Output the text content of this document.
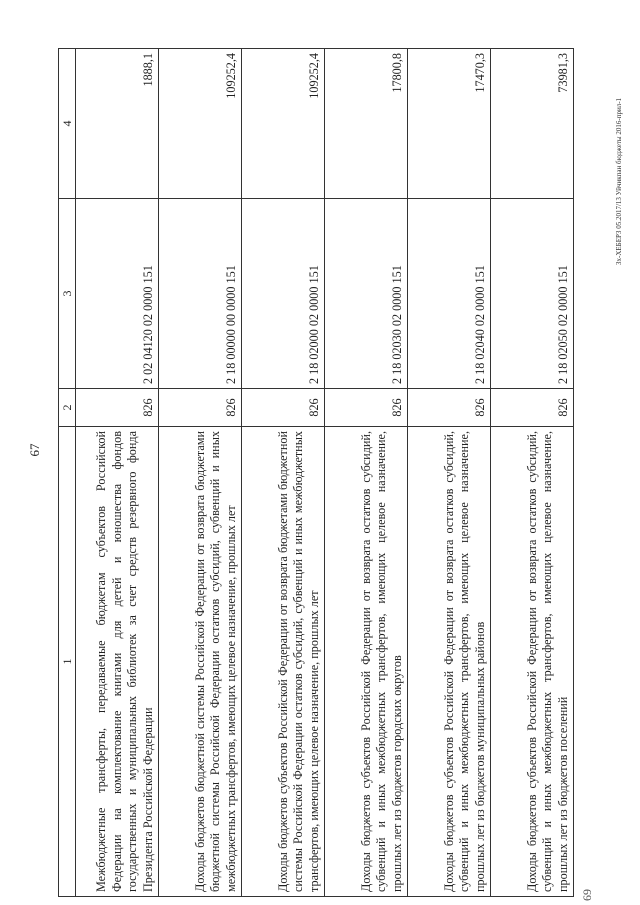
67
69
Зх-ХЕБЕРЗ 05.2017/13 Уйчикпан бюджеты 2016-прил-1
1	2	3	4
Межбюджетные трансферты, передаваемые бюджетам субъектов Российской Федерации на комплектование книгами для детей и юношества фондов государственных и муниципальных библиотек за счет средств резервного фонда Президента Российской Федерации	826	2 02 04120 02 0000 151	1888,1
Доходы бюджетов бюджетной системы Российской Федерации от возврата бюджетами бюджетной системы Российской Федерации остатков субсидий, субвенций и иных межбюджетных трансфертов, имеющих целевое назначение, прошлых лет	826	2 18 00000 00 0000 151	109252,4
Доходы бюджетов субъектов Российской Федерации от возврата бюджетами бюджетной системы Российской Федерации остатков субсидий, субвенций и иных межбюджетных трансфертов, имеющих целевое назначение, прошлых лет	826	2 18 02000 02 0000 151	109252,4
Доходы бюджетов субъектов Российской Федерации от возврата остатков субсидий, субвенций и иных межбюджетных трансфертов, имеющих целевое назначение, прошлых лет из бюджетов городских округов	826	2 18 02030 02 0000 151	17800,8
Доходы бюджетов субъектов Российской Федерации от возврата остатков субсидий, субвенций и иных межбюджетных трансфертов, имеющих целевое назначение, прошлых лет из бюджетов муниципальных районов	826	2 18 02040 02 0000 151	17470,3
Доходы бюджетов субъектов Российской Федерации от возврата остатков субсидий, субвенций и иных межбюджетных трансфертов, имеющих целевое назначение, прошлых лет из бюджетов поселений	826	2 18 02050 02 0000 151	73981,3
